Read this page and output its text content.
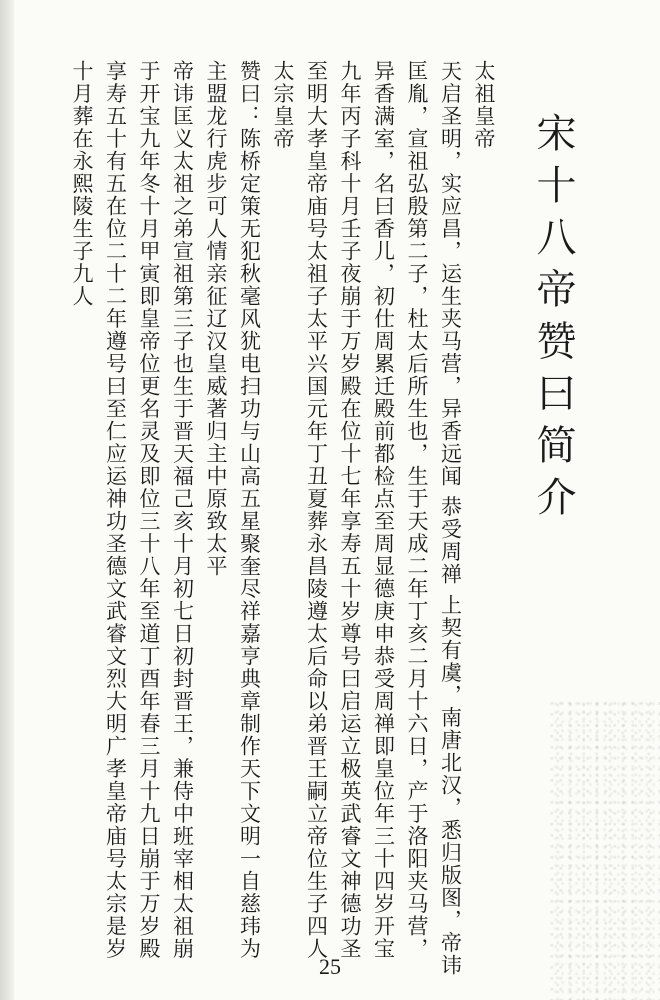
宋十八帝赞曰简介
太祖皇帝
天启圣明，实应昌，运生夹马营，异香远闻 恭受周禅 上契有虞，南唐北汉，悉归版图，帝讳
匡胤，宣祖弘殷第二子，杜太后所生也，生于天成二年丁亥二月十六日，产于洛阳夹马营，
异香满室，名曰香儿，初仕周累迁殿前都检点至周显德庚申恭受周禅即皇位年三十四岁开宝
九年丙子科十月壬子夜崩于万岁殿在位十七年享寿五十岁尊号曰启运立极英武睿文神德功圣
至明大孝皇帝庙号太祖子太平兴国元年丁丑夏葬永昌陵遵太后命以弟晋王嗣立帝位生子四人
太宗皇帝
赞曰：陈桥定策无犯秋毫风犹电扫功与山高五星聚奎尽祥嘉亨典章制作天下文明一自慈玮为
主盟龙行虎步可人情亲征辽汉皇威著归主中原致太平
帝讳匡义太祖之弟宣祖第三子也生于晋天福己亥十月初七日初封晋王，兼侍中班宰相太祖崩
于开宝九年冬十月甲寅即皇帝位更名灵及即位三十八年至道丁酉年春三月十九日崩于万岁殿
享寿五十有五在位二十二年遵号曰至仁应运神功圣德文武睿文烈大明广孝皇帝庙号太宗是岁
十月葬在永熙陵生子九人
25
